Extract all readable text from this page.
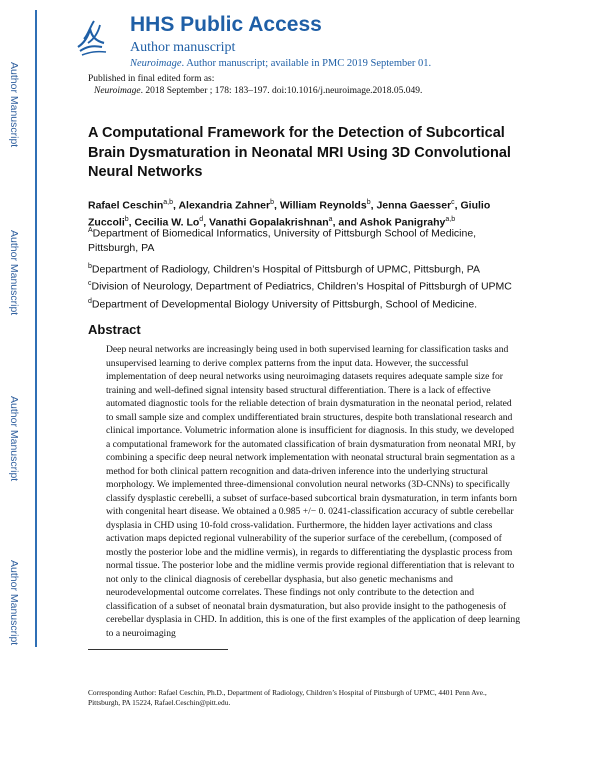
Author Manuscript
Author Manuscript
Author Manuscript
Author Manuscript
HHS Public Access
Author manuscript
Neuroimage. Author manuscript; available in PMC 2019 September 01.
Published in final edited form as:
Neuroimage. 2018 September ; 178: 183–197. doi:10.1016/j.neuroimage.2018.05.049.
A Computational Framework for the Detection of Subcortical Brain Dysmaturation in Neonatal MRI Using 3D Convolutional Neural Networks
Rafael Ceschin$^{a,b}$, Alexandria Zahner$^b$, William Reynolds$^b$, Jenna Gaesser$^c$, Giulio Zuccoli$^b$, Cecilia W. Lo$^d$, Vanathi Gopalakrishnan$^a$, and Ashok Panigrahy$^{a,b}$
$^A$Department of Biomedical Informatics, University of Pittsburgh School of Medicine, Pittsburgh, PA
$^b$Department of Radiology, Children’s Hospital of Pittsburgh of UPMC, Pittsburgh, PA
$^c$Division of Neurology, Department of Pediatrics, Children’s Hospital of Pittsburgh of UPMC
$^d$Department of Developmental Biology University of Pittsburgh, School of Medicine.
Abstract
Deep neural networks are increasingly being used in both supervised learning for classification tasks and unsupervised learning to derive complex patterns from the input data. However, the successful implementation of deep neural networks using neuroimaging datasets requires adequate sample size for training and well-defined signal intensity based structural differentiation. There is a lack of effective automated diagnostic tools for the reliable detection of brain dysmaturation in the neonatal period, related to small sample size and complex undifferentiated brain structures, despite both translational research and clinical importance. Volumetric information alone is insufficient for diagnosis. In this study, we developed a computational framework for the automated classification of brain dysmaturation from neonatal MRI, by combining a specific deep neural network implementation with neonatal structural brain segmentation as a method for both clinical pattern recognition and data-driven inference into the underlying structural morphology. We implemented three-dimensional convolution neural networks (3D-CNNs) to specifically classify dysplastic cerebelli, a subset of surface-based subcortical brain dysmaturation, in term infants born with congenital heart disease. We obtained a 0.985 +/− 0. 0241-classification accuracy of subtle cerebellar dysplasia in CHD using 10-fold cross-validation. Furthermore, the hidden layer activations and class activation maps depicted regional vulnerability of the superior surface of the cerebellum, (composed of mostly the posterior lobe and the midline vermis), in regards to differentiating the dysplastic process from normal tissue. The posterior lobe and the midline vermis provide regional differentiation that is relevant to not only to the clinical diagnosis of cerebellar dysphasia, but also genetic mechanisms and neurodevelopmental outcome correlates. These findings not only contribute to the detection and classification of a subset of neonatal brain dysmaturation, but also provide insight to the pathogenesis of cerebellar dysplasia in CHD. In addition, this is one of the first examples of the application of deep learning to a neuroimaging
Corresponding Author: Rafael Ceschin, Ph.D., Department of Radiology, Children’s Hospital of Pittsburgh of UPMC, 4401 Penn Ave., Pittsburgh, PA 15224, Rafael.Ceschin@pitt.edu.
